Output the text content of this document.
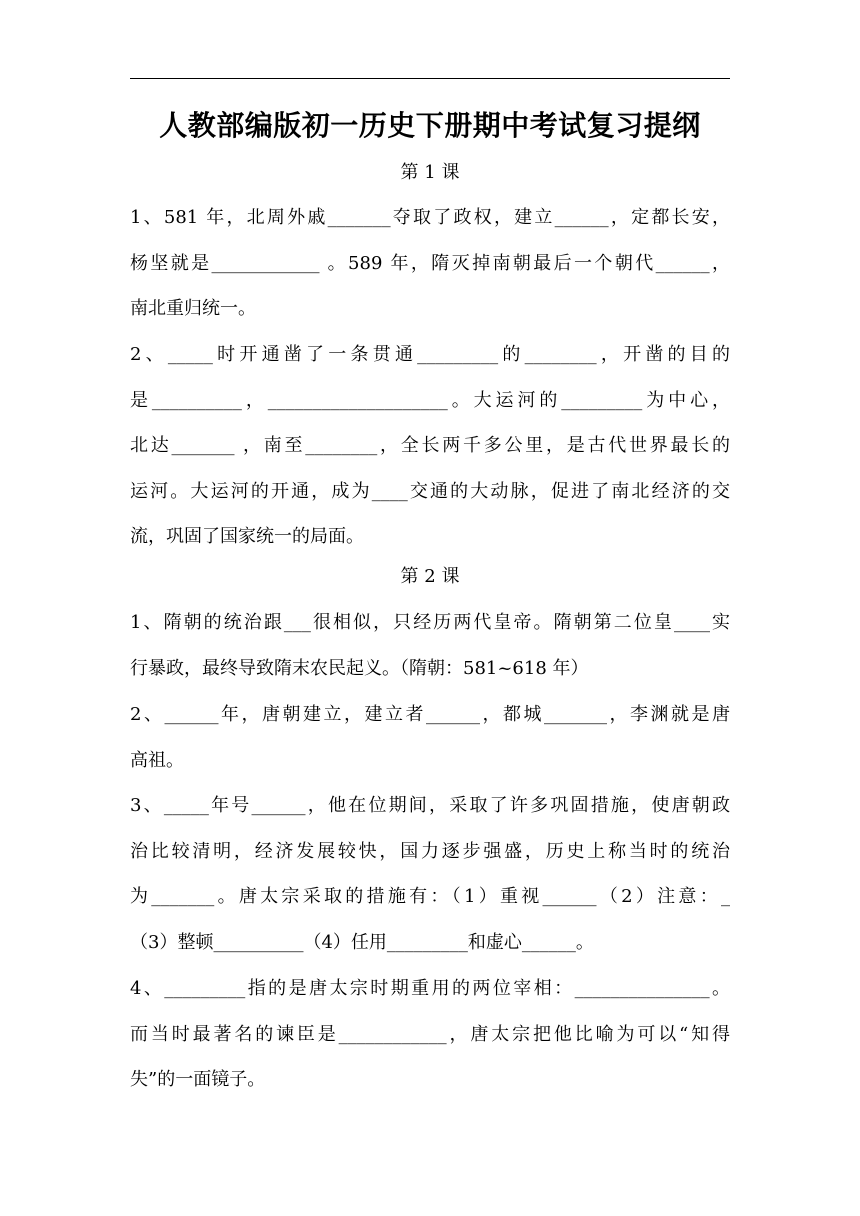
人教部编版初一历史下册期中考试复习提纲
第 1 课
1、581 年，北周外戚_______夺取了政权，建立______，定都长安，
杨坚就是____________ 。589 年，隋灭掉南朝最后一个朝代______，
南北重归统一。
2、_____时开通凿了一条贯通_________的________，开凿的目的
是__________，____________________。大运河的_________为中心，
北达_______ ，南至________，全长两千多公里，是古代世界最长的
运河。大运河的开通，成为____交通的大动脉，促进了南北经济的交
流，巩固了国家统一的局面。
第 2 课
1、隋朝的统治跟___很相似，只经历两代皇帝。隋朝第二位皇____实
行暴政，最终导致隋末农民起义。（隋朝：581~618 年）
2、______年，唐朝建立，建立者______，都城_______，李渊就是唐
高祖。
3、_____年号______，他在位期间，采取了许多巩固措施，使唐朝政
治比较清明，经济发展较快，国力逐步强盛，历史上称当时的统治
为_______。唐太宗采取的措施有：（1）重视______（2）注意：_
（3）整顿__________（4）任用_________和虚心______。
4、_________指的是唐太宗时期重用的两位宰相：_______________。
而当时最著名的谏臣是____________，唐太宗把他比喻为可以“知得
失”的一面镜子。
